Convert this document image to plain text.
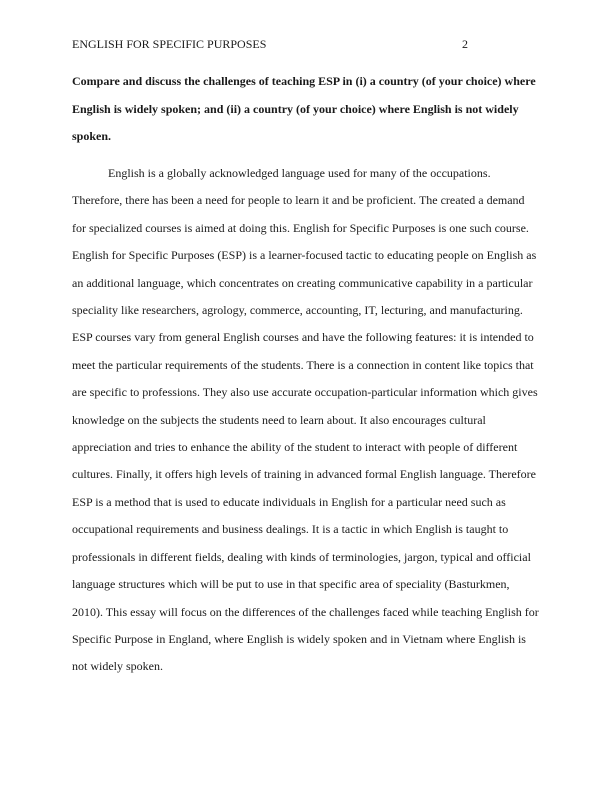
ENGLISH FOR SPECIFIC PURPOSES	2
Compare and discuss the challenges of teaching ESP in (i) a country (of your choice) where
English is widely spoken; and (ii) a country (of your choice) where English is not widely
spoken.
English is a globally acknowledged language used for many of the occupations.
Therefore, there has been a need for people to learn it and be proficient. The created a demand
for specialized courses is aimed at doing this. English for Specific Purposes is one such course.
English for Specific Purposes (ESP) is a learner-focused tactic to educating people on English as
an additional language, which concentrates on creating communicative capability in a particular
speciality like researchers, agrology, commerce, accounting, IT, lecturing, and manufacturing.
ESP courses vary from general English courses and have the following features: it is intended to
meet the particular requirements of the students. There is a connection in content like topics that
are specific to professions. They also use accurate occupation-particular information which gives
knowledge on the subjects the students need to learn about. It also encourages cultural
appreciation and tries to enhance the ability of the student to interact with people of different
cultures. Finally, it offers high levels of training in advanced formal English language. Therefore
ESP is a method that is used to educate individuals in English for a particular need such as
occupational requirements and business dealings. It is a tactic in which English is taught to
professionals in different fields, dealing with kinds of terminologies, jargon, typical and official
language structures which will be put to use in that specific area of speciality (Basturkmen,
2010). This essay will focus on the differences of the challenges faced while teaching English for
Specific Purpose in England, where English is widely spoken and in Vietnam where English is
not widely spoken.
